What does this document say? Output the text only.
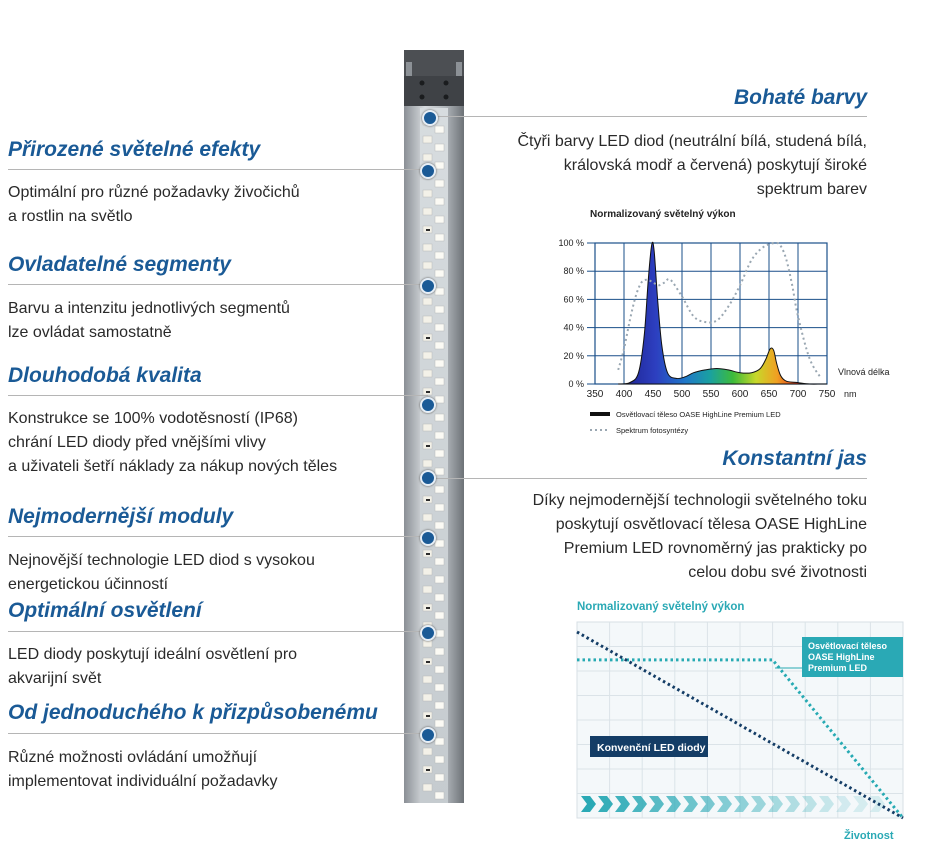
Přirozené světelné efekty
Optimální pro různé požadavky živočichů
a rostlin na světlo
Ovladatelné segmenty
Barvu a intenzitu jednotlivých segmentů
lze ovládat samostatně
Dlouhodobá kvalita
Konstrukce se 100% vodotěsností (IP68)
chrání LED diody před vnějšími vlivy
a uživateli šetří náklady za nákup nových těles
Nejmodernější moduly
Nejnovější technologie LED diod s vysokou
energetickou účinností
Optimální osvětlení
LED diody poskytují ideální osvětlení pro
akvarijní svět
Od jednoduchého k přizpůsobenému
Různé možnosti ovládání umožňují
implementovat individuální požadavky
Bohaté barvy
Čtyři barvy LED diod (neutrální bílá, studená bílá,
královská modř a červená) poskytují široké
spektrum barev
Konstantní jas
Díky nejmodernější technologii světelného toku
poskytují osvětlovací tělesa OASE HighLine
Premium LED rovnoměrný jas prakticky po
celou dobu své životnosti
Normalizovaný světelný výkon
0 %
20 %
40 %
60 %
80 %
100 %
350 400 450 500 550 600 650 700 750
Vlnová délka
nm
Osvětlovací těleso OASE HighLine Premium LED
Spektrum fotosyntézy
Normalizovaný světelný výkon
Osvětlovací těleso OASE HighLine Premium LED
Konvenční LED diody
Životnost
